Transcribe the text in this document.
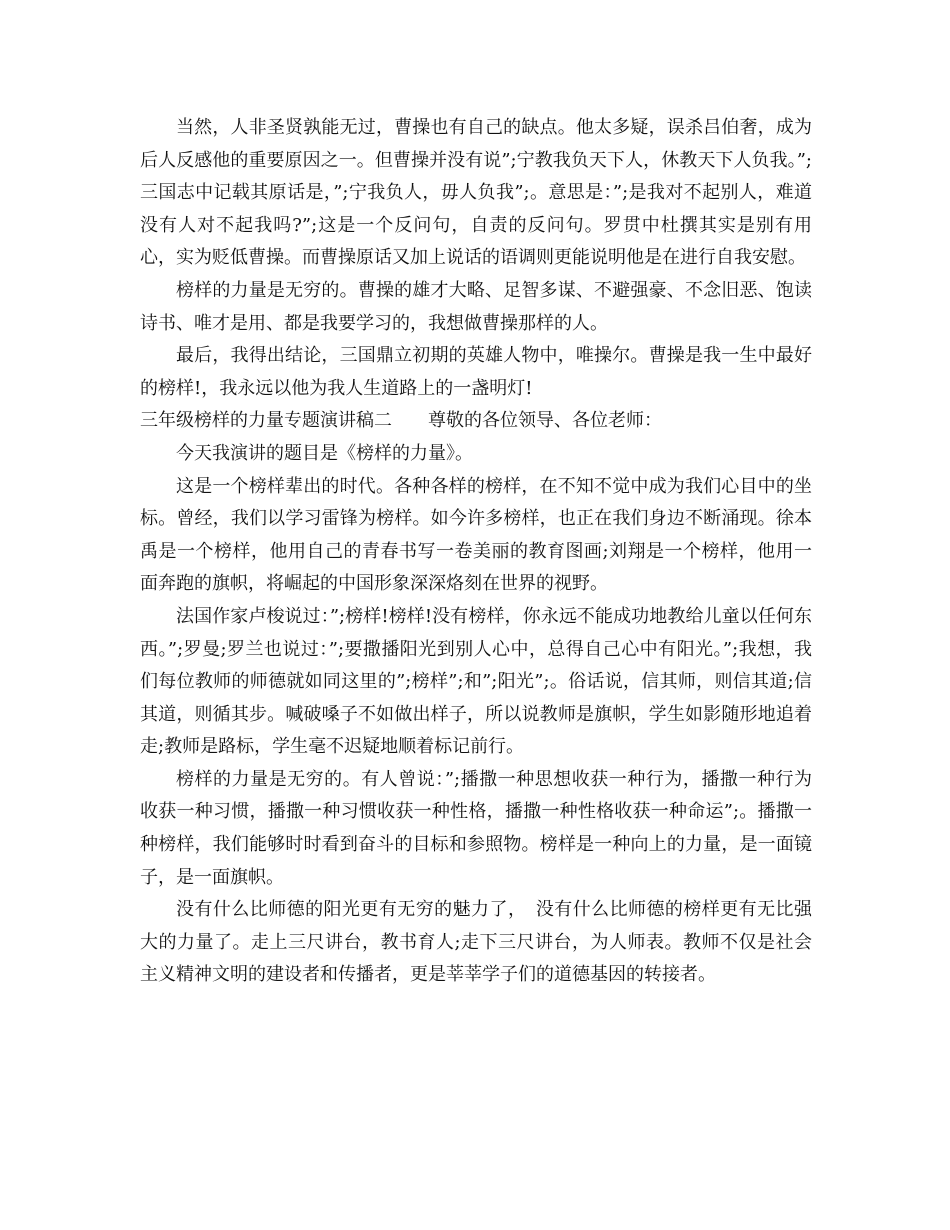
当然，人非圣贤孰能无过，曹操也有自己的缺点。他太多疑，误杀吕伯奢，成为后人反感他的重要原因之一。但曹操并没有说”;宁教我负天下人，休教天下人负我。”;三国志中记载其原话是，”;宁我负人，毋人负我”;。意思是：”;是我对不起别人，难道没有人对不起我吗?”;这是一个反问句，自责的反问句。罗贯中杜撰其实是别有用心，实为贬低曹操。而曹操原话又加上说话的语调则更能说明他是在进行自我安慰。

榜样的力量是无穷的。曹操的雄才大略、足智多谋、不避强豪、不念旧恶、饱读诗书、唯才是用、都是我要学习的，我想做曹操那样的人。

最后，我得出结论，三国鼎立初期的英雄人物中，唯操尔。曹操是我一生中最好的榜样!，我永远以他为我人生道路上的一盏明灯!

三年级榜样的力量专题演讲稿二　　尊敬的各位领导、各位老师：

今天我演讲的题目是《榜样的力量》。

这是一个榜样辈出的时代。各种各样的榜样，在不知不觉中成为我们心目中的坐标。曾经，我们以学习雷锋为榜样。如今许多榜样，也正在我们身边不断涌现。徐本禹是一个榜样，他用自己的青春书写一卷美丽的教育图画;刘翔是一个榜样，他用一面奔跑的旗帜，将崛起的中国形象深深烙刻在世界的视野。

法国作家卢梭说过：”;榜样!榜样!没有榜样，你永远不能成功地教给儿童以任何东西。”;罗曼;罗兰也说过：”;要撒播阳光到别人心中，总得自己心中有阳光。”;我想，我们每位教师的师德就如同这里的”;榜样”;和”;阳光”;。俗话说，信其师，则信其道;信其道，则循其步。喊破嗓子不如做出样子，所以说教师是旗帜，学生如影随形地追着走;教师是路标，学生毫不迟疑地顺着标记前行。

榜样的力量是无穷的。有人曾说：”;播撒一种思想收获一种行为，播撒一种行为收获一种习惯，播撒一种习惯收获一种性格，播撒一种性格收获一种命运”;。播撒一种榜样，我们能够时时看到奋斗的目标和参照物。榜样是一种向上的力量，是一面镜子，是一面旗帜。

没有什么比师德的阳光更有无穷的魅力了，　没有什么比师德的榜样更有无比强大的力量了。走上三尺讲台，教书育人;走下三尺讲台，为人师表。教师不仅是社会主义精神文明的建设者和传播者，更是莘莘学子们的道德基因的转接者。
